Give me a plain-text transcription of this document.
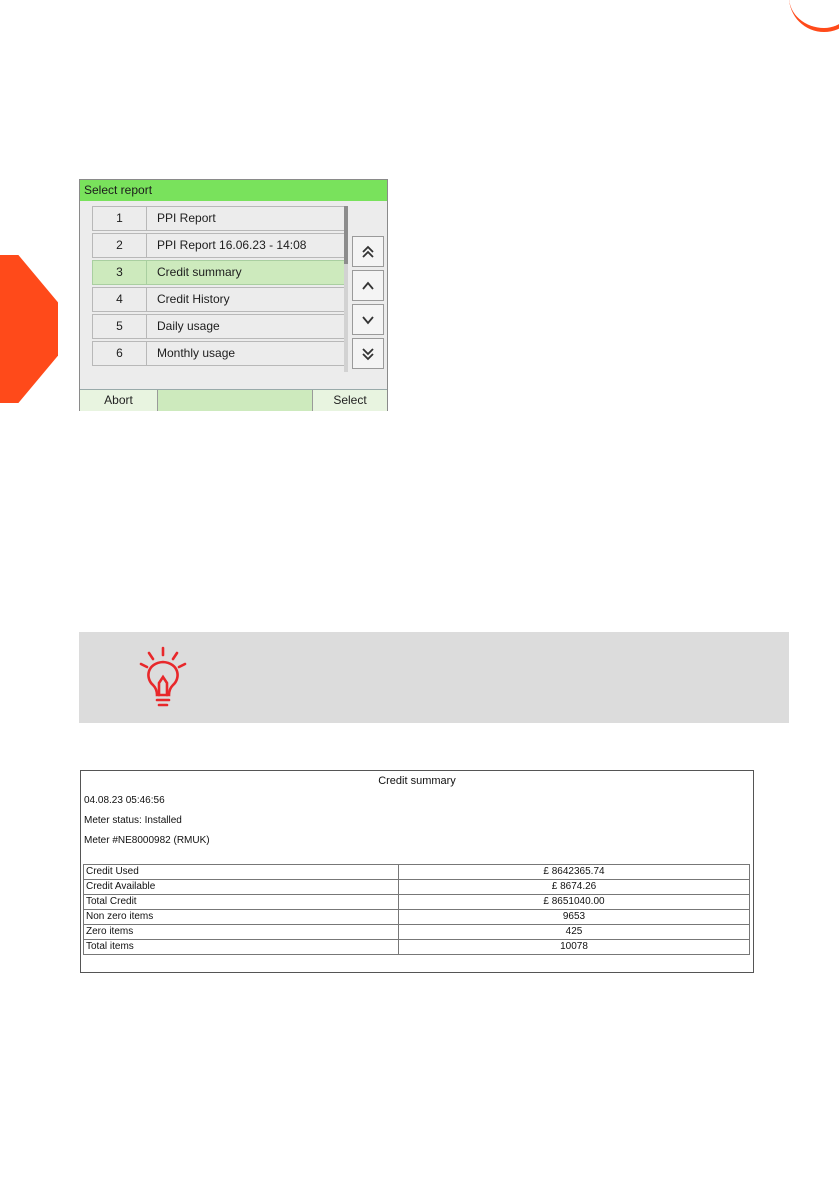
Select report
1	PPI Report
2	PPI Report 16.06.23 - 14:08
3	Credit summary
4	Credit History
5	Daily usage
6	Monthly usage
Abort	Select
Credit summary
04.08.23 05:46:56
Meter status: Installed
Meter #NE8000982 (RMUK)
Credit Used	£ 8642365.74
Credit Available	£ 8674.26
Total Credit	£ 8651040.00
Non zero items	9653
Zero items	425
Total items	10078
